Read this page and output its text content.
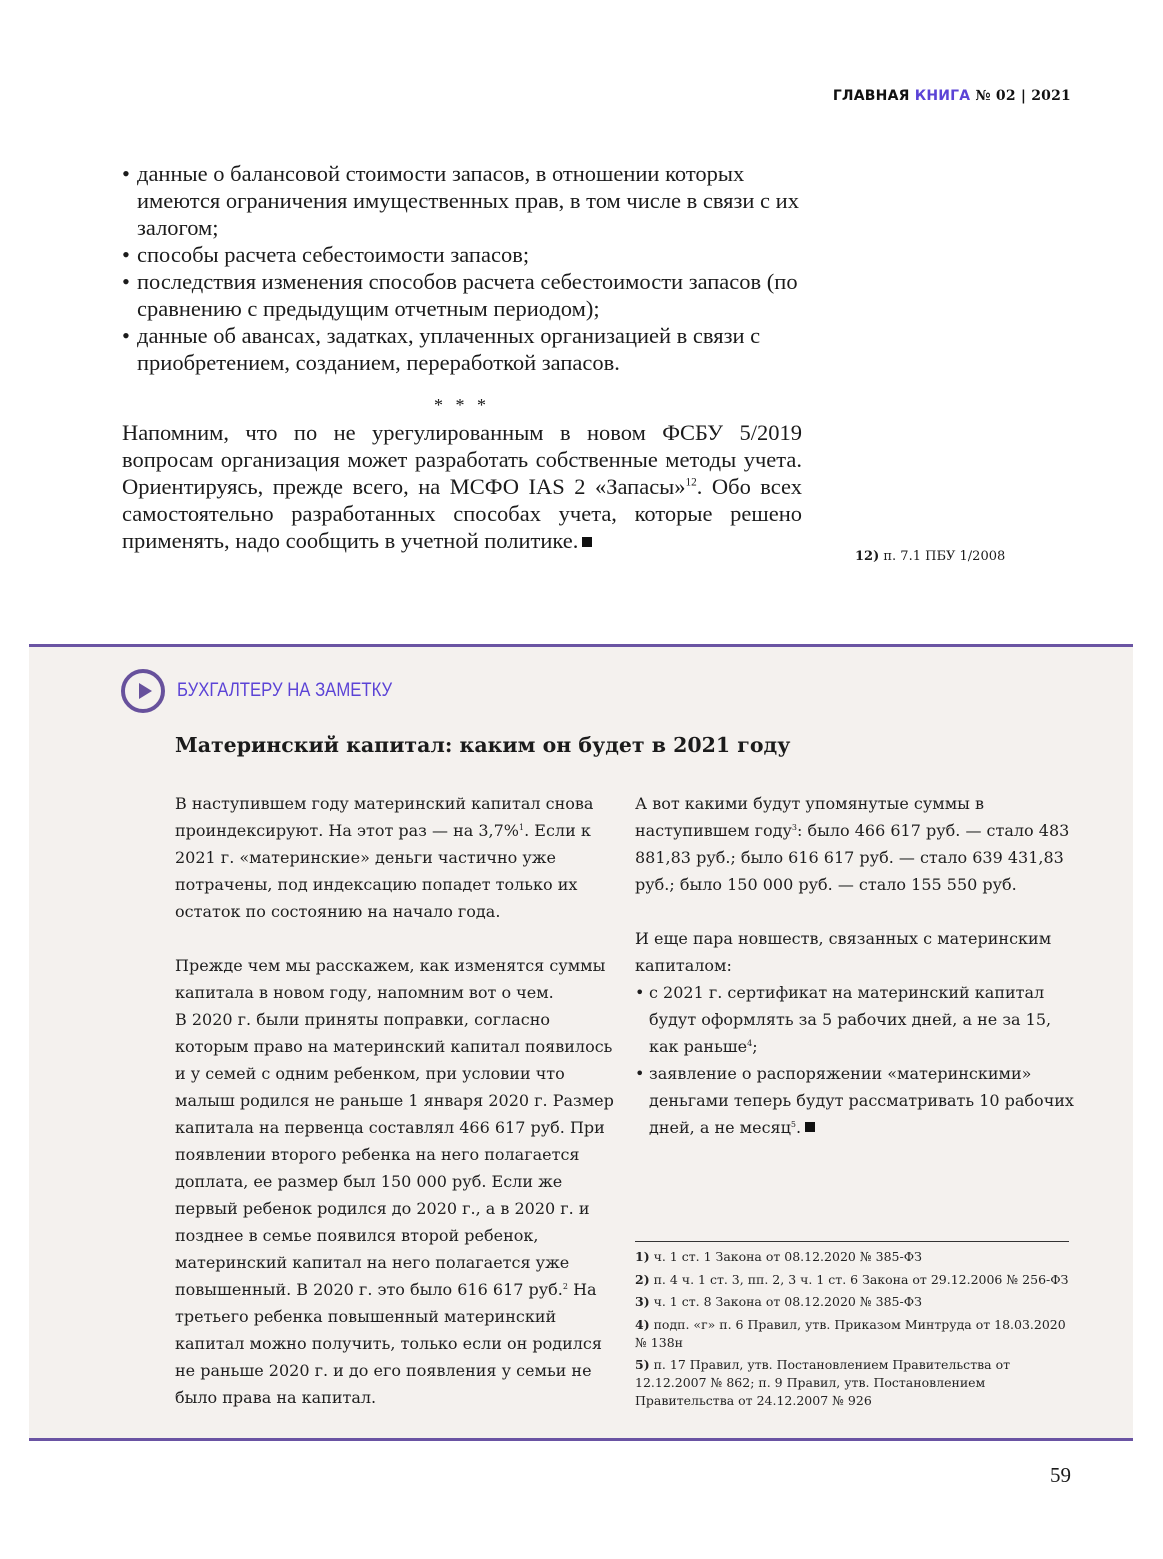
ГЛАВНАЯ КНИГА № 02 | 2021
• данные о балансовой стоимости запасов, в отношении которых имеются ограничения имущественных прав, в том числе в связи с их залогом;
• способы расчета себестоимости запасов;
• последствия изменения способов расчета себестоимости запасов (по сравнению с предыдущим отчетным периодом);
• данные об авансах, задатках, уплаченных организацией в связи с приобретением, созданием, переработкой запасов.
* * *

Напомним, что по не урегулированным в новом ФСБУ 5/2019 вопросам организация может разработать собственные методы учета. Ориентируясь, прежде всего, на МСФО IAS 2 «Запасы»$^{12}$. Обо всех самостоятельно разработанных способах учета, которые решено применять, надо сообщить в учетной политике.

12) п. 7.1 ПБУ 1/2008
БУХГАЛТЕРУ НА ЗАМЕТКУ
Материнский капитал: каким он будет в 2021 году

В наступившем году материнский капитал снова проиндексируют. На этот раз — на 3,7%$^1$. Если к 2021 г. «материнские» деньги частично уже потрачены, под индексацию попадет только их остаток по состоянию на начало года.

Прежде чем мы расскажем, как изменятся суммы капитала в новом году, напомним вот о чем.

В 2020 г. были приняты поправки, согласно которым право на материнский капитал появилось и у семей с одним ребенком, при условии что малыш родился не раньше 1 января 2020 г. Размер капитала на первенца составлял 466 617 руб. При появлении второго ребенка на него полагается доплата, ее размер был 150 000 руб. Если же первый ребенок родился до 2020 г., а в 2020 г. и позднее в семье появился второй ребенок, материнский капитал на него полагается уже повышенный. В 2020 г. это было 616 617 руб.$^2$ На третьего ребенка повышенный материнский капитал можно получить, только если он родился не раньше 2020 г. и до его появления у семьи не было права на капитал.

А вот какими будут упомянутые суммы в наступившем году$^3$: было 466 617 руб. — стало 483 881,83 руб.; было 616 617 руб. — стало 639 431,83 руб.; было 150 000 руб. — стало 155 550 руб.

И еще пара новшеств, связанных с материнским капиталом:

• с 2021 г. сертификат на материнский капитал будут оформлять за 5 рабочих дней, а не за 15, как раньше$^4$;
• заявление о распоряжении «материнскими» деньгами теперь будут рассматривать 10 рабочих дней, а не месяц$^5$.
1) ч. 1 ст. 1 Закона от 08.12.2020 № 385-ФЗ
2) п. 4 ч. 1 ст. 3, пп. 2, 3 ч. 1 ст. 6 Закона от 29.12.2006 № 256-ФЗ
3) ч. 1 ст. 8 Закона от 08.12.2020 № 385-ФЗ
4) подп. «г» п. 6 Правил, утв. Приказом Минтруда от 18.03.2020 № 138н
5) п. 17 Правил, утв. Постановлением Правительства от 12.12.2007 № 862; п. 9 Правил, утв. Постановлением Правительства от 24.12.2007 № 926
59
